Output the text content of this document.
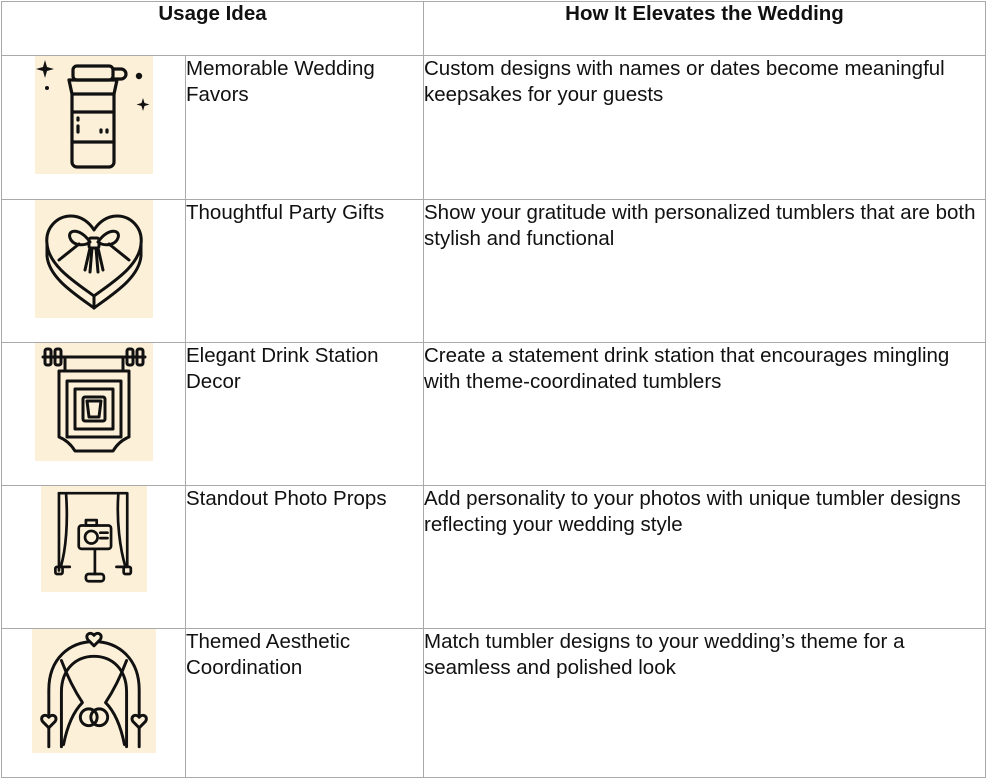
Usage Idea		How It Elevates the Wedding

	Memorable Wedding Favors	Custom designs with names or dates become meaningful keepsakes for your guests

	Thoughtful Party Gifts	Show your gratitude with personalized tumblers that are both stylish and functional

	Elegant Drink Station Decor	Create a statement drink station that encourages mingling with theme-coordinated tumblers

	Standout Photo Props	Add personality to your photos with unique tumbler designs reflecting your wedding style

	Themed Aesthetic Coordination	Match tumbler designs to your wedding’s theme for a seamless and polished look
